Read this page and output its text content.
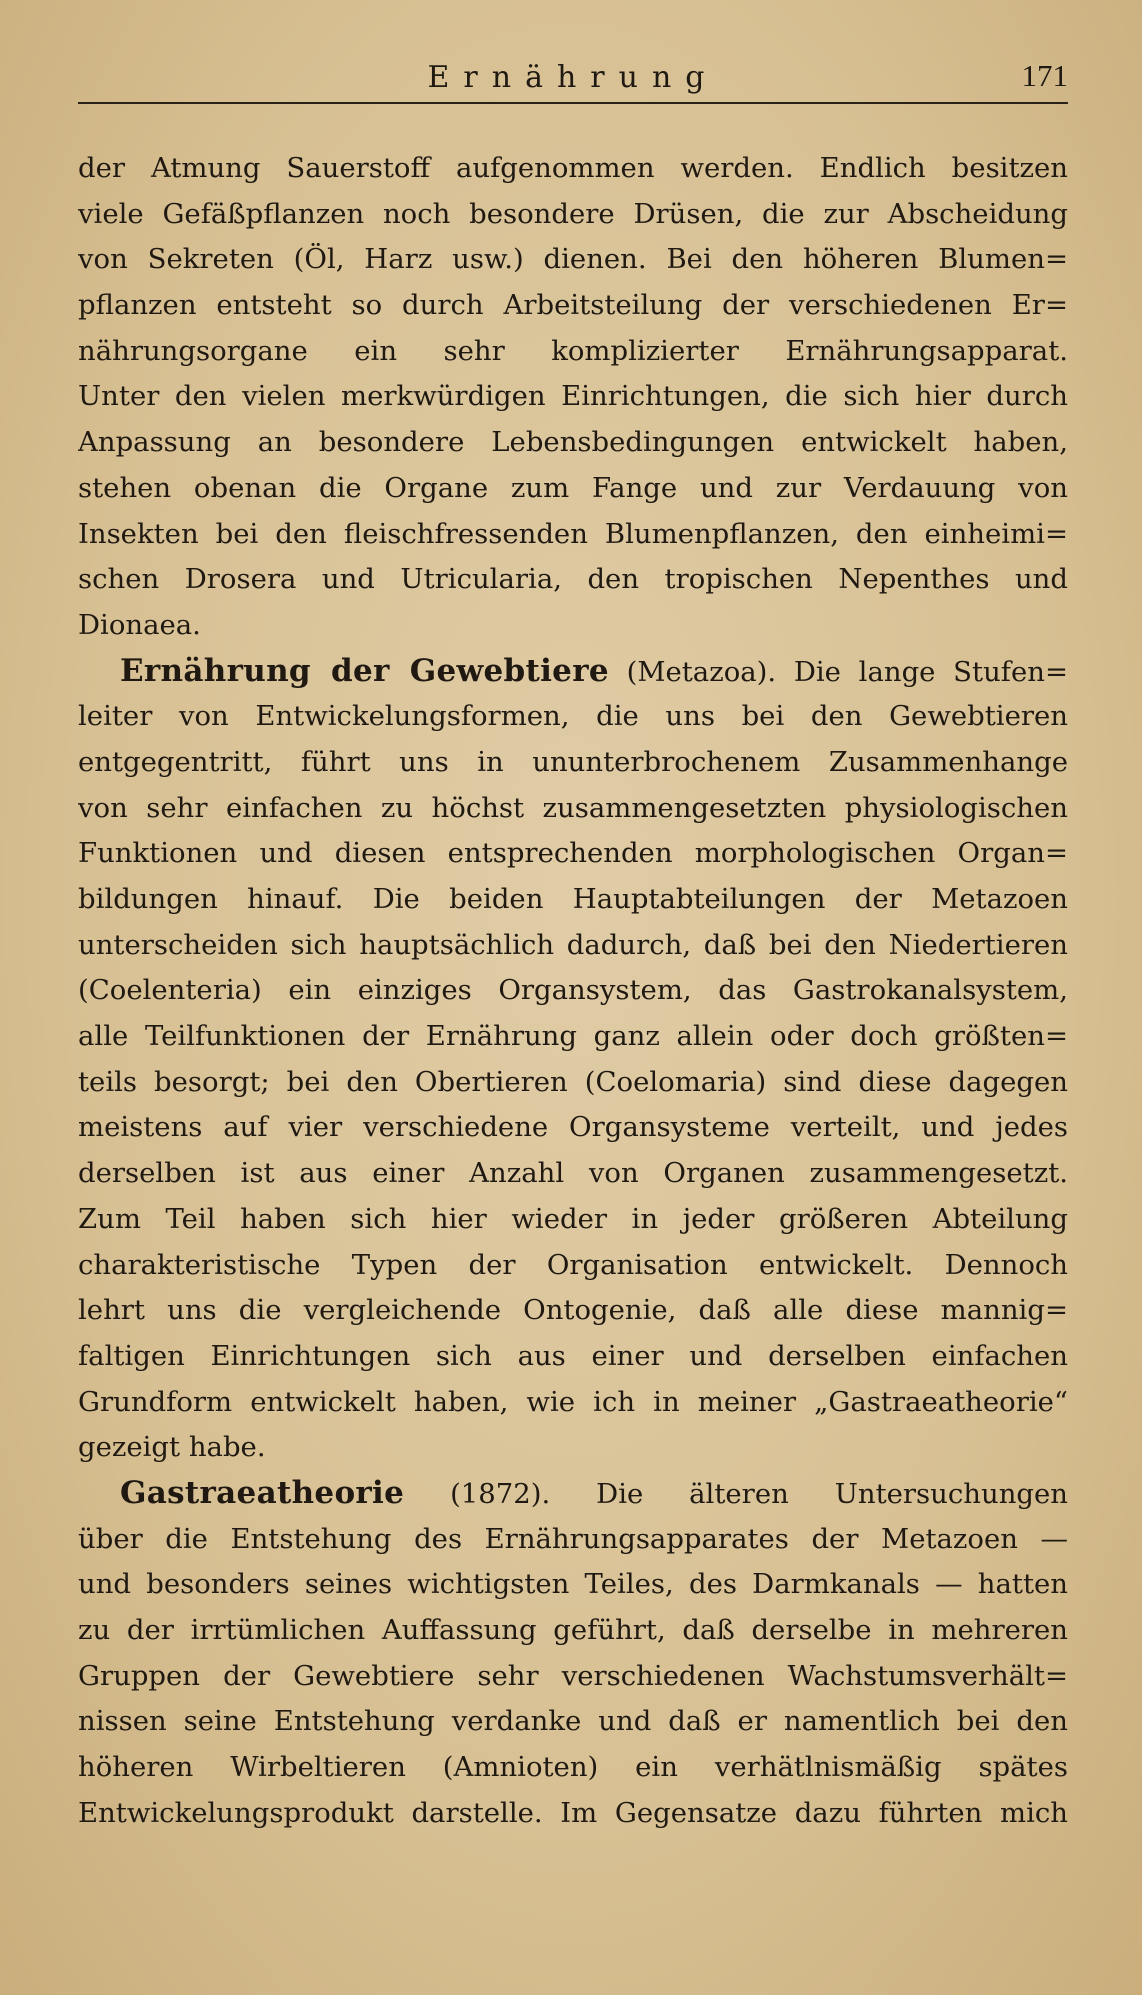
Ernährung	171

der Atmung Sauerstoff aufgenommen werden. Endlich besitzen
viele Gefäßpflanzen noch besondere Drüsen, die zur Abscheidung
von Sekreten (Öl, Harz usw.) dienen. Bei den höheren Blumen=
pflanzen entsteht so durch Arbeitsteilung der verschiedenen Er=
nährungsorgane ein sehr komplizierter Ernährungsapparat.
Unter den vielen merkwürdigen Einrichtungen, die sich hier durch
Anpassung an besondere Lebensbedingungen entwickelt haben,
stehen obenan die Organe zum Fange und zur Verdauung von
Insekten bei den fleischfressenden Blumenpflanzen, den einheimi=
schen Drosera und Utricularia, den tropischen Nepenthes und
Dionaea.

Ernährung der Gewebtiere (Metazoa). Die lange Stufen=
leiter von Entwickelungsformen, die uns bei den Gewebtieren
entgegentritt, führt uns in ununterbrochenem Zusammenhange
von sehr einfachen zu höchst zusammengesetzten physiologischen
Funktionen und diesen entsprechenden morphologischen Organ=
bildungen hinauf. Die beiden Hauptabteilungen der Metazoen
unterscheiden sich hauptsächlich dadurch, daß bei den Niedertieren
(Coelenteria) ein einziges Organsystem, das Gastrokanalsystem,
alle Teilfunktionen der Ernährung ganz allein oder doch größten=
teils besorgt; bei den Obertieren (Coelomaria) sind diese dagegen
meistens auf vier verschiedene Organsysteme verteilt, und jedes
derselben ist aus einer Anzahl von Organen zusammengesetzt.
Zum Teil haben sich hier wieder in jeder größeren Abteilung
charakteristische Typen der Organisation entwickelt. Dennoch
lehrt uns die vergleichende Ontogenie, daß alle diese mannig=
faltigen Einrichtungen sich aus einer und derselben einfachen
Grundform entwickelt haben, wie ich in meiner „Gastraeatheorie“
gezeigt habe.

Gastraeatheorie (1872). Die älteren Untersuchungen
über die Entstehung des Ernährungsapparates der Metazoen —
und besonders seines wichtigsten Teiles, des Darmkanals — hatten
zu der irrtümlichen Auffassung geführt, daß derselbe in mehreren
Gruppen der Gewebtiere sehr verschiedenen Wachstumsverhält=
nissen seine Entstehung verdanke und daß er namentlich bei den
höheren Wirbeltieren (Amnioten) ein verhätlnismäßig spätes
Entwickelungsprodukt darstelle. Im Gegensatze dazu führten mich
